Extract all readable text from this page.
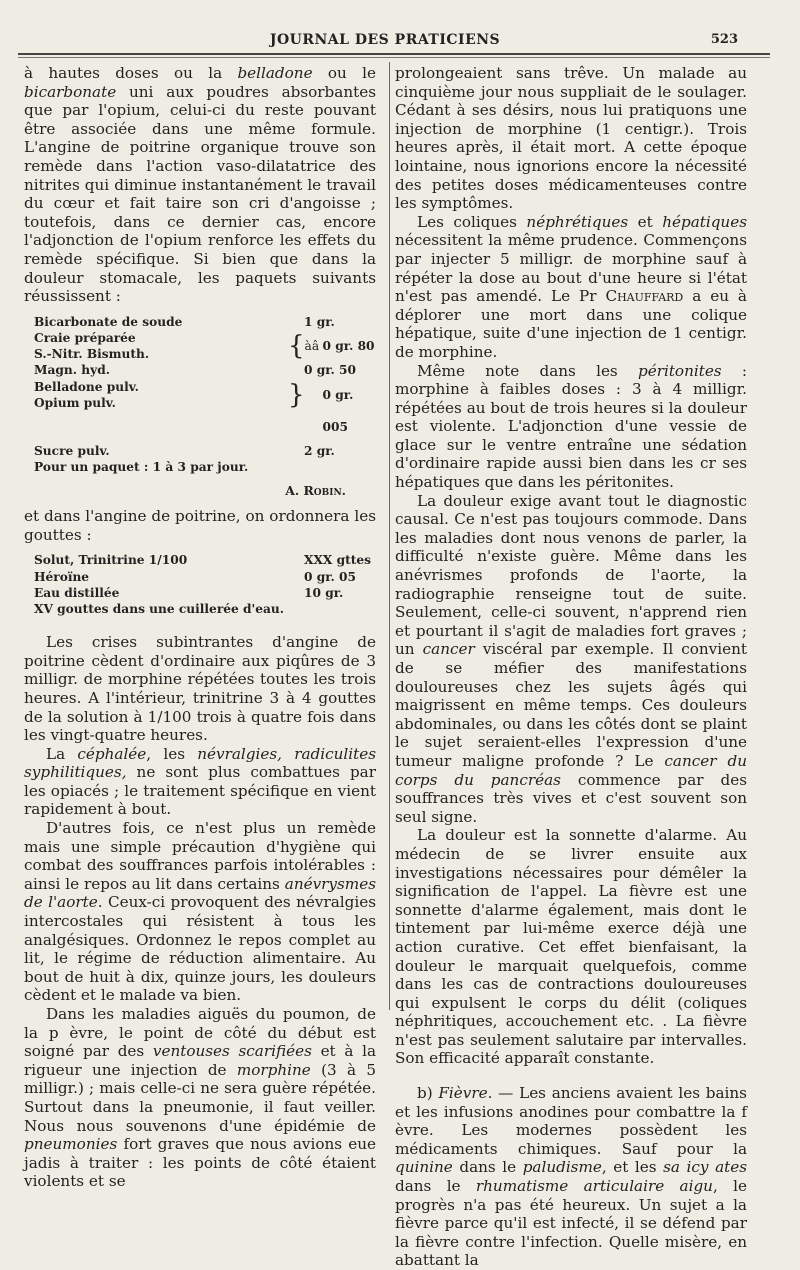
JOURNAL DES PRATICIENS	523

à hautes doses ou la belladone ou le bicarbonate uni aux poudres absorbantes que par l'opium, celui-ci du reste pouvant être associée dans une même formule. L'angine de poitrine organique trouve son remède dans l'action vaso-dilatatrice des nitrites qui diminue instantanément le travail du cœur et fait taire son cri d'angoisse ; toutefois, dans ce dernier cas, encore l'adjonction de l'opium renforce les effets du remède spécifique. Si bien que dans la douleur stomacale, les paquets suivants réussissent :

Bicarbonate de soude	1 gr.
Craie préparée
S.-Nitr. Bismuth.	{ àâ 0 gr. 80
Magn. hyd.	0 gr. 50
Belladone pulv.
Opium pulv.	} 0 gr. 005
Sucre pulv.	2 gr.
Pour un paquet : 1 à 3 par jour.
A. Robin.

et dans l'angine de poitrine, on ordonnera les gouttes :

Solut, Trinitrine 1/100	XXX gttes
Héroïne	0 gr. 05
Eau distillée	10 gr.
XV gouttes dans une cuillerée d'eau.

Les crises subintrantes d'angine de poitrine cèdent d'ordinaire aux piqûres de 3 milligr. de morphine répétées toutes les trois heures. A l'intérieur, trinitrine 3 à 4 gouttes de la solution à 1/100 trois à quatre fois dans les vingt-quatre heures.

La céphalée, les névralgies, radiculites syphilitiques, ne sont plus combattues par les opiacés ; le traitement spécifique en vient rapidement à bout.

D'autres fois, ce n'est plus un remède mais une simple précaution d'hygiène qui combat des souffrances parfois intolérables : ainsi le repos au lit dans certains anévrysmes de l'aorte. Ceux-ci provoquent des névralgies intercostales qui résistent à tous les analgésiques. Ordonnez le repos complet au lit, le régime de réduction alimentaire. Au bout de huit à dix, quinze jours, les douleurs cèdent et le malade va bien.

Dans les maladies aiguës du poumon, de la p èvre, le point de côté du début est soigné par des ventouses scarifiées et à la rigueur une injection de morphine (3 à 5 milligr.) ; mais celle-ci ne sera guère répétée. Surtout dans la pneumonie, il faut veiller. Nous nous souvenons d'une épidémie de pneumonies fort graves que nous avions eue jadis à traiter : les points de côté étaient violents et se

prolongeaient sans trêve. Un malade au cinquième jour nous suppliait de le soulager. Cédant à ses désirs, nous lui pratiquons une injection de morphine (1 centigr.). Trois heures après, il était mort. A cette époque lointaine, nous ignorions encore la nécessité des petites doses médicamenteuses contre les symptômes.

Les coliques néphrétiques et hépatiques nécessitent la même prudence. Commençons par injecter 5 milligr. de morphine sauf à répéter la dose au bout d'une heure si l'état n'est pas amendé. Le Pr Chauffard a eu à déplorer une mort dans une colique hépatique, suite d'une injection de 1 centigr. de morphine.

Même note dans les péritonites : morphine à faibles doses : 3 à 4 milligr. répétées au bout de trois heures si la douleur est violente. L'adjonction d'une vessie de glace sur le ventre entraîne une sédation d'ordinaire rapide aussi bien dans les cr ses hépatiques que dans les péritonites.

La douleur exige avant tout le diagnostic causal. Ce n'est pas toujours commode. Dans les maladies dont nous venons de parler, la difficulté n'existe guère. Même dans les anévrismes profonds de l'aorte, la radiographie renseigne tout de suite. Seulement, celle-ci souvent, n'apprend rien et pourtant il s'agit de maladies fort graves ; un cancer viscéral par exemple. Il convient de se méfier des manifestations douloureuses chez les sujets âgés qui maigrissent en même temps. Ces douleurs abdominales, ou dans les côtés dont se plaint le sujet seraient-elles l'expression d'une tumeur maligne profonde ? Le cancer du corps du pancréas commence par des souffrances très vives et c'est souvent son seul signe.

La douleur est la sonnette d'alarme. Au médecin de se livrer ensuite aux investigations nécessaires pour démêler la signification de l'appel. La fièvre est une sonnette d'alarme également, mais dont le tintement par lui-même exerce déjà une action curative. Cet effet bienfaisant, la douleur le marquait quelquefois, comme dans les cas de contractions douloureuses qui expulsent le corps du délit (coliques néphritiques, accouchement etc. . La fièvre n'est pas seulement salutaire par intervalles. Son efficacité apparaît constante.

b) Fièvre. — Les anciens avaient les bains et les infusions anodines pour combattre la f èvre. Les modernes possèdent les médicaments chimiques. Sauf pour la quinine dans le paludisme, et les sa icy ates dans le rhumatisme articulaire aigu, le progrès n'a pas été heureux. Un sujet a la fièvre parce qu'il est infecté, il se défend par la fièvre contre l'infection. Quelle misère, en abattant la
